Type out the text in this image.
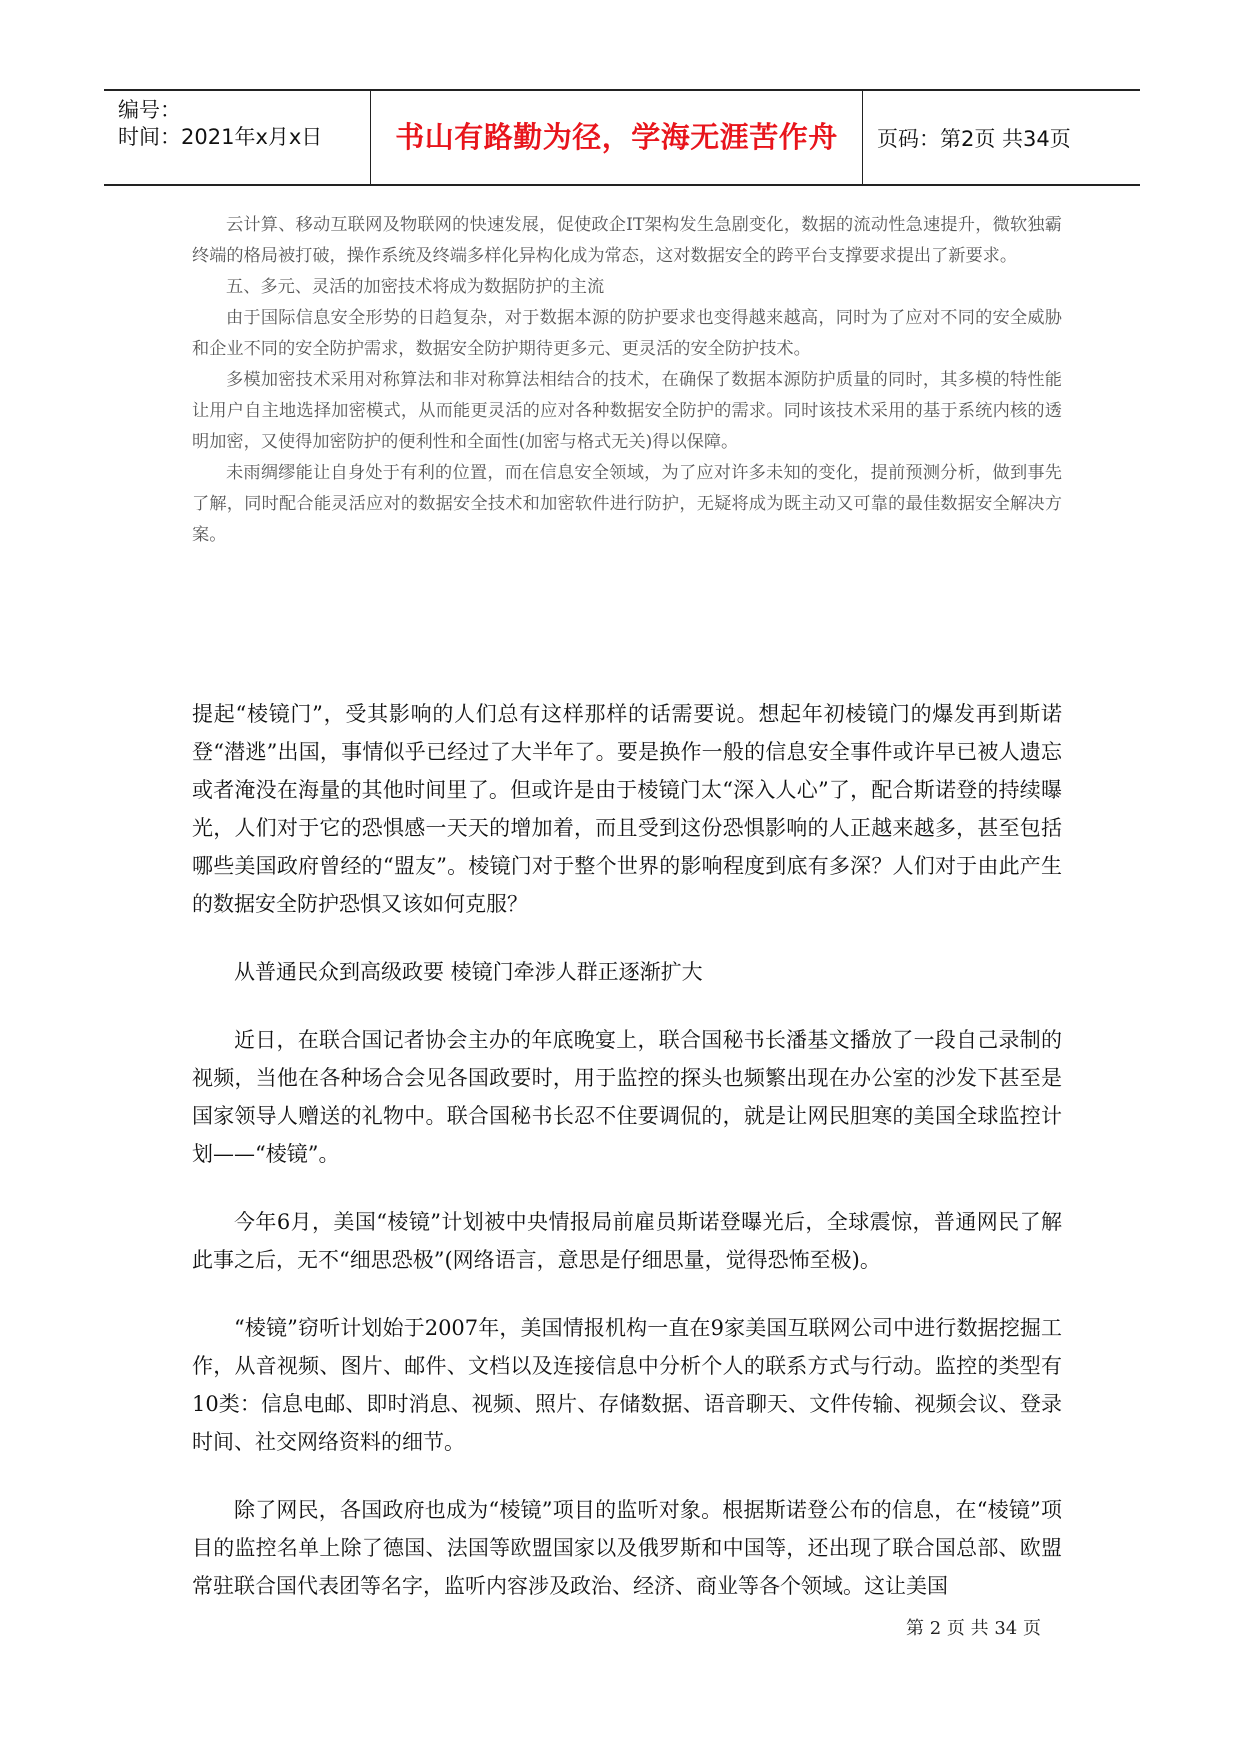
编号：
时间：2021年x月x日	书山有路勤为径，学海无涯苦作舟	页码：第2页 共34页

云计算、移动互联网及物联网的快速发展，促使政企IT架构发生急剧变化，数据的流动性急速提升，微软独霸终端的格局被打破，操作系统及终端多样化异构化成为常态，这对数据安全的跨平台支撑要求提出了新要求。

五、多元、灵活的加密技术将成为数据防护的主流

由于国际信息安全形势的日趋复杂，对于数据本源的防护要求也变得越来越高，同时为了应对不同的安全威胁和企业不同的安全防护需求，数据安全防护期待更多元、更灵活的安全防护技术。

多模加密技术采用对称算法和非对称算法相结合的技术，在确保了数据本源防护质量的同时，其多模的特性能让用户自主地选择加密模式，从而能更灵活的应对各种数据安全防护的需求。同时该技术采用的基于系统内核的透明加密，又使得加密防护的便利性和全面性(加密与格式无关)得以保障。

未雨绸缪能让自身处于有利的位置，而在信息安全领域，为了应对许多未知的变化，提前预测分析，做到事先了解，同时配合能灵活应对的数据安全技术和加密软件进行防护，无疑将成为既主动又可靠的最佳数据安全解决方案。

提起“棱镜门”，受其影响的人们总有这样那样的话需要说。想起年初棱镜门的爆发再到斯诺登“潜逃”出国，事情似乎已经过了大半年了。要是换作一般的信息安全事件或许早已被人遗忘或者淹没在海量的其他时间里了。但或许是由于棱镜门太“深入人心”了，配合斯诺登的持续曝光，人们对于它的恐惧感一天天的增加着，而且受到这份恐惧影响的人正越来越多，甚至包括哪些美国政府曾经的“盟友”。棱镜门对于整个世界的影响程度到底有多深？人们对于由此产生的数据安全防护恐惧又该如何克服？

从普通民众到高级政要 棱镜门牵涉人群正逐渐扩大

近日，在联合国记者协会主办的年底晚宴上，联合国秘书长潘基文播放了一段自己录制的视频，当他在各种场合会见各国政要时，用于监控的探头也频繁出现在办公室的沙发下甚至是国家领导人赠送的礼物中。联合国秘书长忍不住要调侃的，就是让网民胆寒的美国全球监控计划——“棱镜”。

今年6月，美国“棱镜”计划被中央情报局前雇员斯诺登曝光后，全球震惊，普通网民了解此事之后，无不“细思恐极”(网络语言，意思是仔细思量，觉得恐怖至极)。

“棱镜”窃听计划始于2007年，美国情报机构一直在9家美国互联网公司中进行数据挖掘工作，从音视频、图片、邮件、文档以及连接信息中分析个人的联系方式与行动。监控的类型有10类：信息电邮、即时消息、视频、照片、存储数据、语音聊天、文件传输、视频会议、登录时间、社交网络资料的细节。

除了网民，各国政府也成为“棱镜”项目的监听对象。根据斯诺登公布的信息，在“棱镜”项目的监控名单上除了德国、法国等欧盟国家以及俄罗斯和中国等，还出现了联合国总部、欧盟常驻联合国代表团等名字，监听内容涉及政治、经济、商业等各个领域。这让美国

第 2 页 共 34 页
